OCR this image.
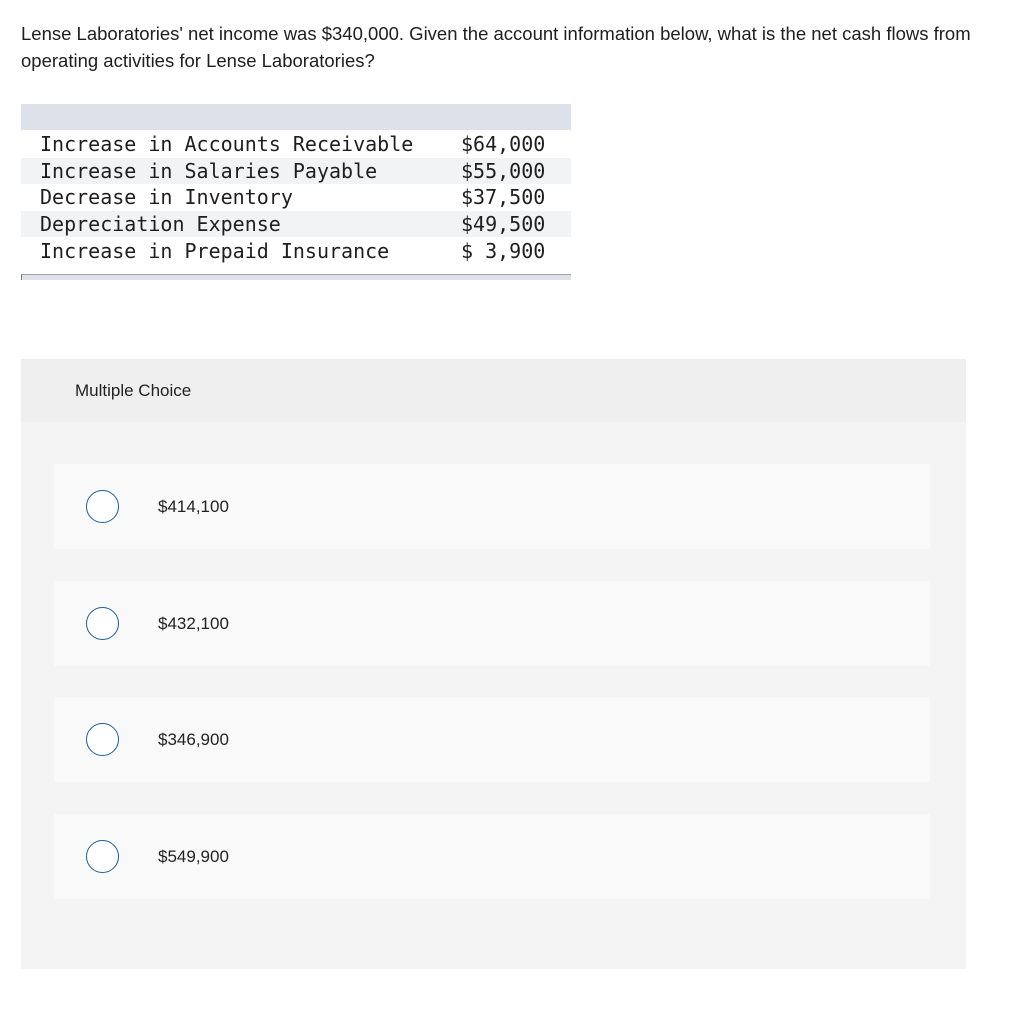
Lense Laboratories' net income was $340,000. Given the account information below, what is the net cash flows from operating activities for Lense Laboratories?

Increase in Accounts Receivable	$64,000
Increase in Salaries Payable	$55,000
Decrease in Inventory	$37,500
Depreciation Expense	$49,500
Increase in Prepaid Insurance	$ 3,900
Multiple Choice
$414,100
$432,100
$346,900
$549,900
